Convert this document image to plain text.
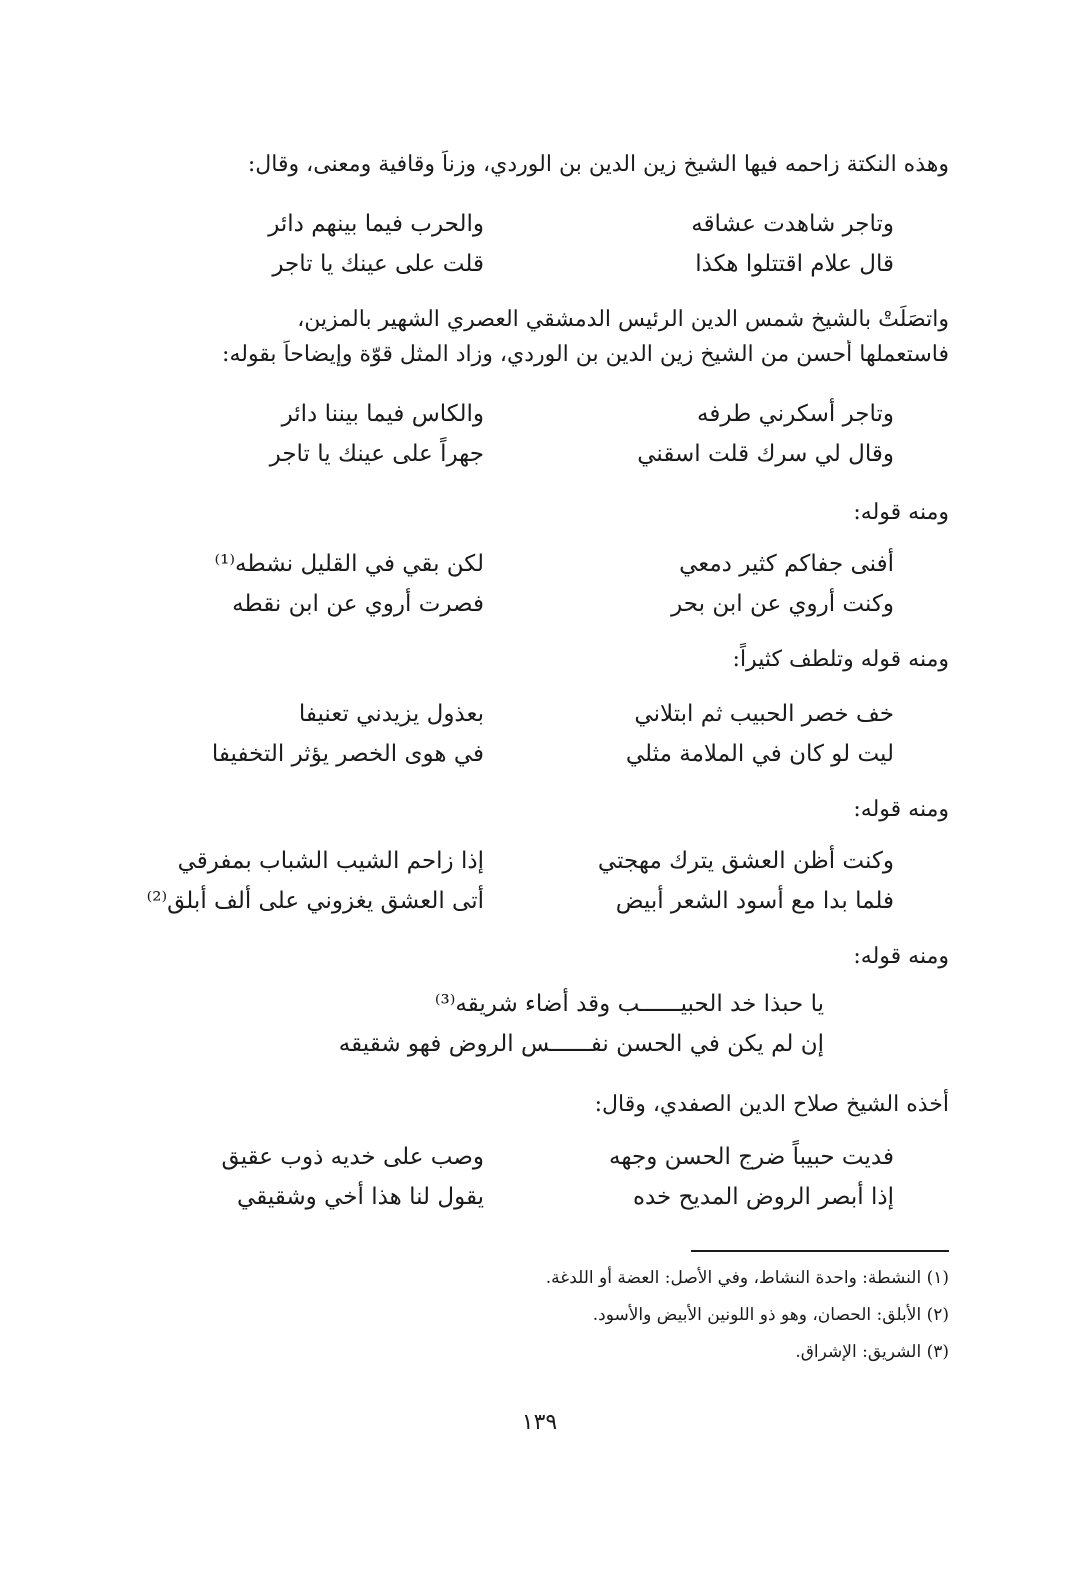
وهذه النكتة زاحمه فيها الشيخ زين الدين بن الوردي، وزناً وقافية ومعنى، وقال:
وتاجر شاهدت عشاقه
والحرب فيما بينهم دائر
قال علام اقتتلوا هكذا
قلت على عينك يا تاجر
واتصَلَتْ بالشيخ شمس الدين الرئيس الدمشقي العصري الشهير بالمزين،
فاستعملها أحسن من الشيخ زين الدين بن الوردي، وزاد المثل قوّة وإيضاحاً بقوله:
وتاجر أسكرني طرفه
والكاس فيما بيننا دائر
وقال لي سرك قلت اسقني
جهراً على عينك يا تاجر
ومنه قوله:
أفنى جفاكم كثير دمعي
لكن بقي في القليل نشطه⁽¹⁾
وكنت أروي عن ابن بحر
فصرت أروي عن ابن نقطه
ومنه قوله وتلطف كثيراً:
خف خصر الحبيب ثم ابتلاني
بعذول يزيدني تعنيفا
ليت لو كان في الملامة مثلي
في هوى الخصر يؤثر التخفيفا
ومنه قوله:
وكنت أظن العشق يترك مهجتي
إذا زاحم الشيب الشباب بمفرقي
فلما بدا مع أسود الشعر أبيض
أتى العشق يغزوني على ألف أبلق⁽²⁾
ومنه قوله:
يا حبذا خد الحبيــــــب وقد أضاء شريقه⁽³⁾
إن لم يكن في الحسن نفــــــس الروض فهو شقيقه
أخذه الشيخ صلاح الدين الصفدي، وقال:
فديت حبيباً ضرج الحسن وجهه
وصب على خديه ذوب عقيق
إذا أبصر الروض المديح خده
يقول لنا هذا أخي وشقيقي
(١) النشطة: واحدة النشاط، وفي الأصل: العضة أو اللدغة.
(٢) الأبلق: الحصان، وهو ذو اللونين الأبيض والأسود.
(٣) الشريق: الإشراق.
١٣٩
